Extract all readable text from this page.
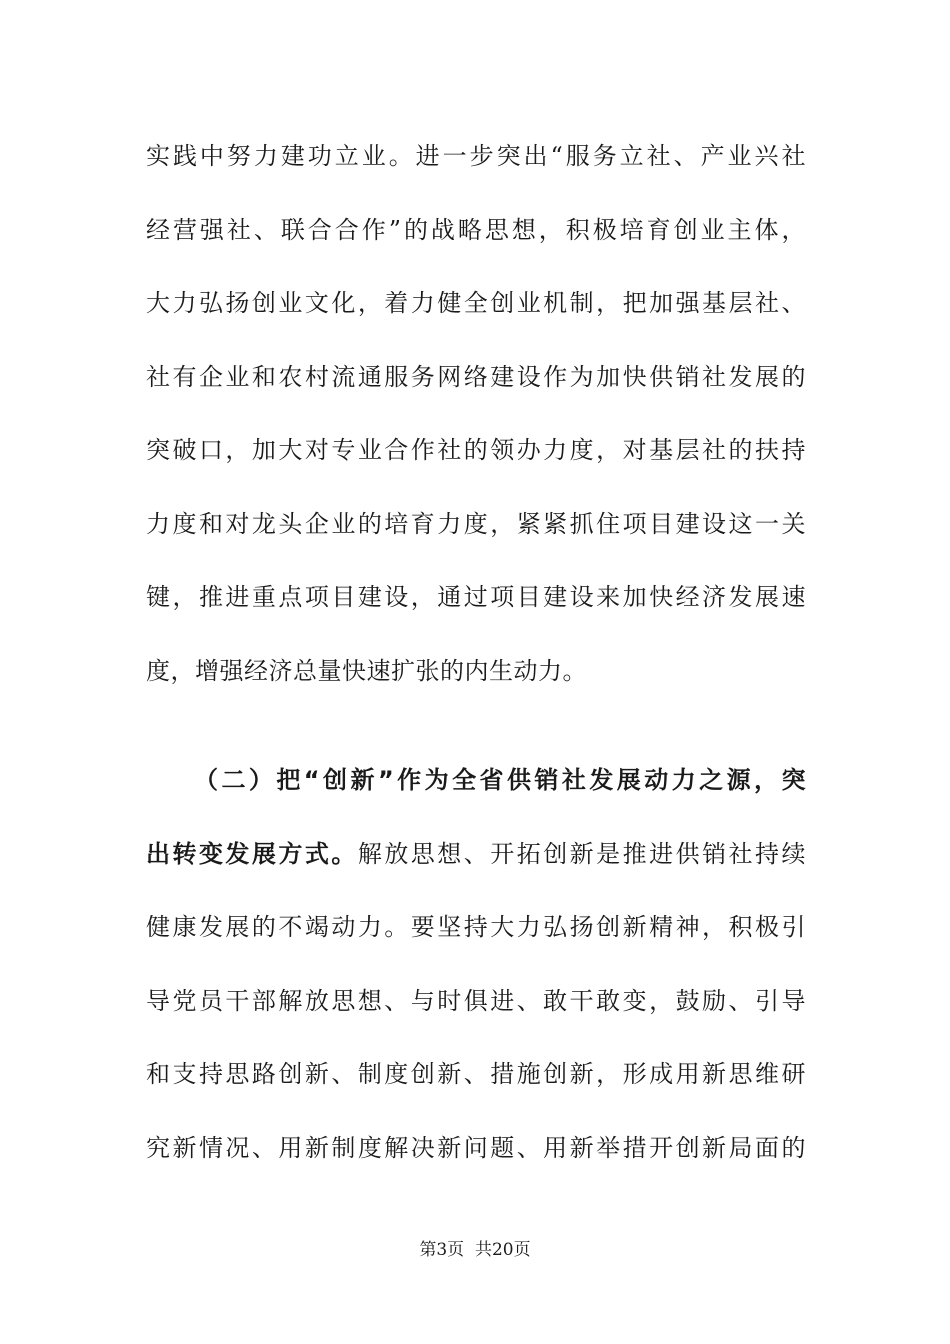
实践中努力建功立业。进一步突出“服务立社、产业兴社
经营强社、联合合作”的战略思想，积极培育创业主体，
大力弘扬创业文化，着力健全创业机制，把加强基层社、
社有企业和农村流通服务网络建设作为加快供销社发展的
突破口，加大对专业合作社的领办力度，对基层社的扶持
力度和对龙头企业的培育力度，紧紧抓住项目建设这一关
键，推进重点项目建设，通过项目建设来加快经济发展速
度，增强经济总量快速扩张的内生动力。
（二）把“创新”作为全省供销社发展动力之源，突
出转变发展方式。解放思想、开拓创新是推进供销社持续
健康发展的不竭动力。要坚持大力弘扬创新精神，积极引
导党员干部解放思想、与时俱进、敢干敢变，鼓励、引导
和支持思路创新、制度创新、措施创新，形成用新思维研
究新情况、用新制度解决新问题、用新举措开创新局面的
第3页  共20页
